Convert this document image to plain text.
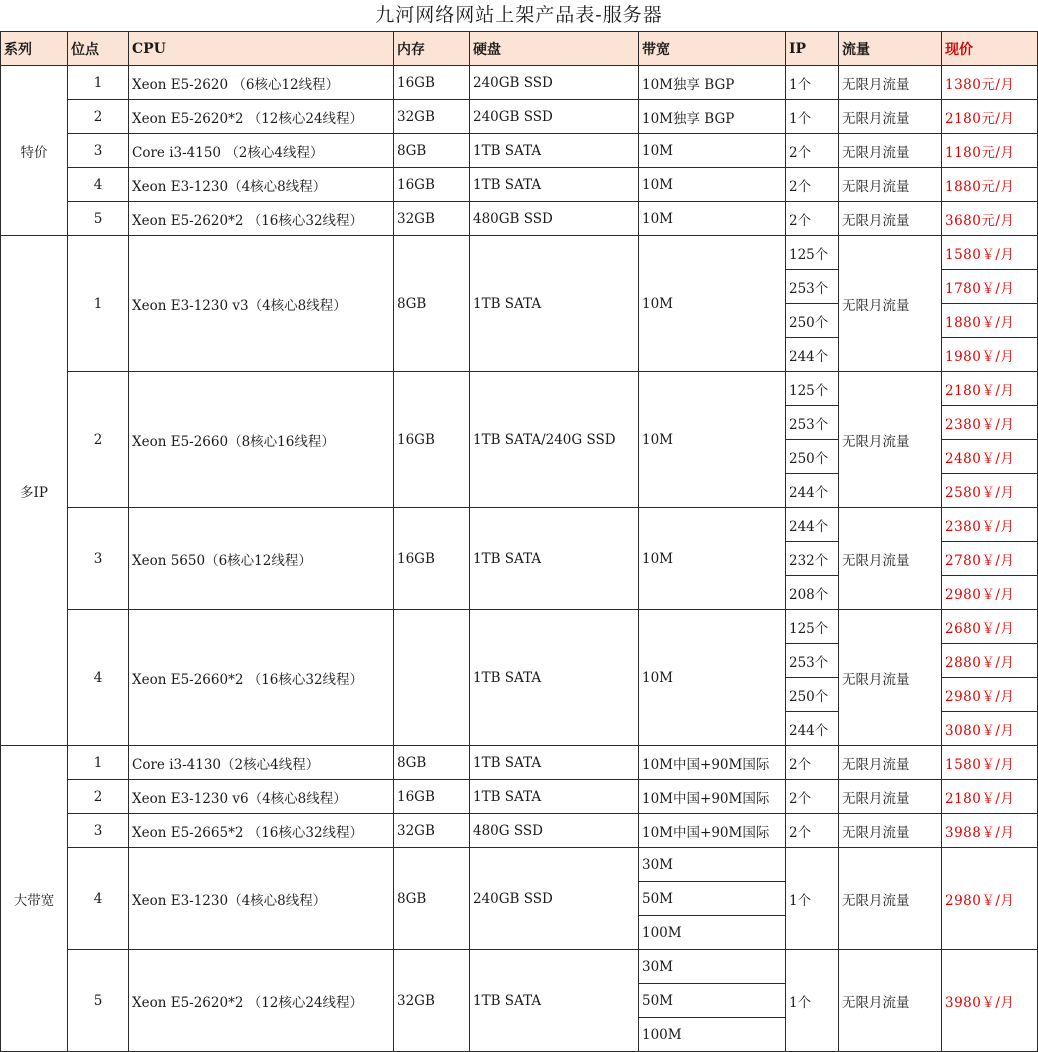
九河网络网站上架产品表-服务器
系列	位点	CPU	内存	硬盘	带宽	IP	流量	现价
特价	1	Xeon E5-2620 （6核心12线程）	16GB	240GB SSD	10M独享 BGP	1个	无限月流量	1380元/月
	2	Xeon E5-2620*2 （12核心24线程）	32GB	240GB SSD	10M独享 BGP	1个	无限月流量	2180元/月
	3	Core i3-4150 （2核心4线程）	8GB	1TB SATA	10M	2个	无限月流量	1180元/月
	4	Xeon E3-1230（4核心8线程）	16GB	1TB SATA	10M	2个	无限月流量	1880元/月
	5	Xeon E5-2620*2 （16核心32线程）	32GB	480GB SSD	10M	2个	无限月流量	3680元/月
多IP	1	Xeon E3-1230 v3（4核心8线程）	8GB	1TB SATA	10M	125个	无限月流量	1580￥/月
						253个		1780￥/月
						250个		1880￥/月
						244个		1980￥/月
	2	Xeon E5-2660（8核心16线程）	16GB	1TB SATA/240G SSD	10M	125个	无限月流量	2180￥/月
						253个		2380￥/月
						250个		2480￥/月
						244个		2580￥/月
	3	Xeon 5650（6核心12线程）	16GB	1TB SATA	10M	244个	无限月流量	2380￥/月
						232个		2780￥/月
						208个		2980￥/月
	4	Xeon E5-2660*2 （16核心32线程）		1TB SATA	10M	125个	无限月流量	2680￥/月
						253个		2880￥/月
						250个		2980￥/月
						244个		3080￥/月
大带宽	1	Core i3-4130（2核心4线程）	8GB	1TB SATA	10M中国+90M国际	2个	无限月流量	1580￥/月
	2	Xeon E3-1230 v6（4核心8线程）	16GB	1TB SATA	10M中国+90M国际	2个	无限月流量	2180￥/月
	3	Xeon E5-2665*2 （16核心32线程）	32GB	480G SSD	10M中国+90M国际	2个	无限月流量	3988￥/月
	4	Xeon E3-1230（4核心8线程）	8GB	240GB SSD	30M	1个	无限月流量	2980￥/月
					50M			
					100M			
	5	Xeon E5-2620*2 （12核心24线程）	32GB	1TB SATA	30M	1个	无限月流量	3980￥/月
					50M			
					100M			
